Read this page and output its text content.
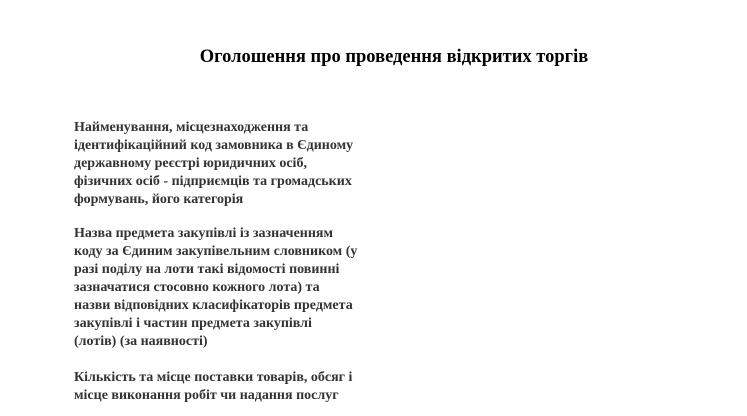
Оголошення про проведення відкритих торгів
Найменування, місцезнаходження та
ідентифікаційний код замовника в Єдиному
державному реєстрі юридичних осіб,
фізичних осіб - підприємців та громадських
формувань, його категорія
Назва предмета закупівлі із зазначенням
коду за Єдиним закупівельним словником (у
разі поділу на лоти такі відомості повинні
зазначатися стосовно кожного лота) та
назви відповідних класифікаторів предмета
закупівлі і частин предмета закупівлі
(лотів) (за наявності)
Кількість та місце поставки товарів, обсяг і
місце виконання робіт чи надання послуг
